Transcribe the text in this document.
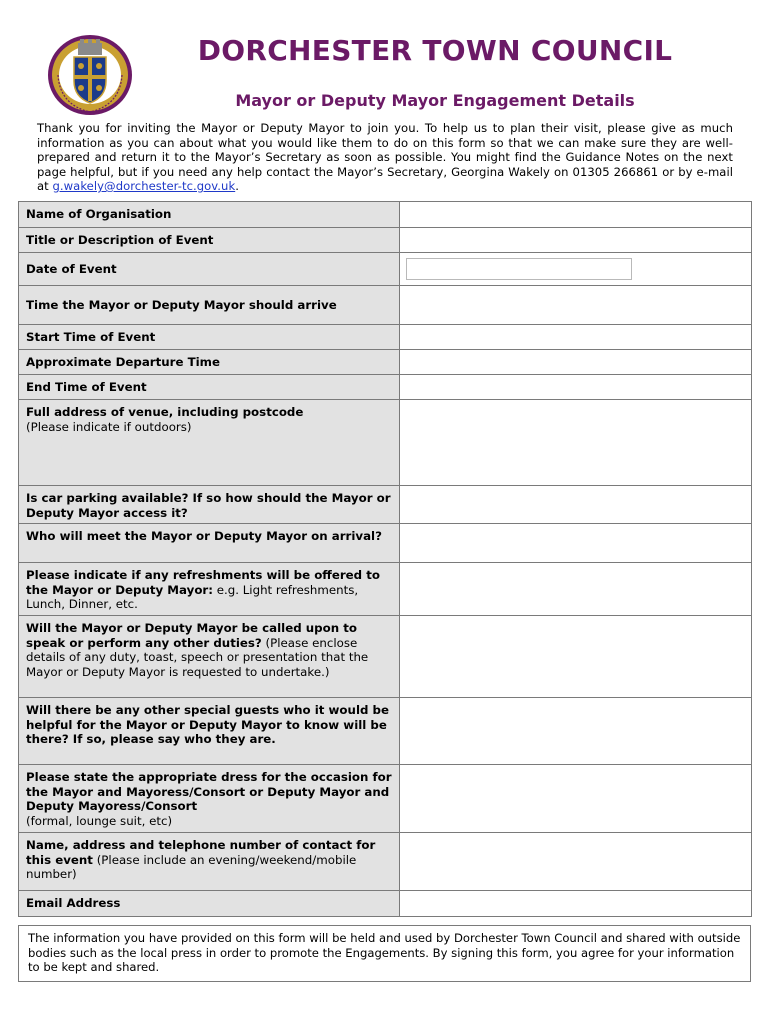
DORCHESTER TOWN COUNCIL
Mayor or Deputy Mayor Engagement Details
Thank you for inviting the Mayor or Deputy Mayor to join you. To help us to plan their visit, please give as much information as you can about what you would like them to do on this form so that we can make sure they are well-prepared and return it to the Mayor’s Secretary as soon as possible. You might find the Guidance Notes on the next page helpful, but if you need any help contact the Mayor’s Secretary, Georgina Wakely on 01305 266861 or by e-mail at g.wakely@dorchester-tc.gov.uk.
Name of Organisation	
Title or Description of Event	
Date of Event	

Time the Mayor or Deputy Mayor should arrive	
Start Time of Event	
Approximate Departure Time	
End Time of Event	
Full address of venue, including postcode
(Please indicate if outdoors)	
Is car parking available? If so how should the Mayor or Deputy Mayor access it?	
Who will meet the Mayor or Deputy Mayor on arrival?	
Please indicate if any refreshments will be offered to the Mayor or Deputy Mayor: e.g. Light refreshments, Lunch, Dinner, etc.	
Will the Mayor or Deputy Mayor be called upon to speak or perform any other duties? (Please enclose details of any duty, toast, speech or presentation that the Mayor or Deputy Mayor is requested to undertake.)	
Will there be any other special guests who it would be helpful for the Mayor or Deputy Mayor to know will be there? If so, please say who they are.	
Please state the appropriate dress for the occasion for the Mayor and Mayoress/Consort or Deputy Mayor and Deputy Mayoress/Consort
(formal, lounge suit, etc)	
Name, address and telephone number of contact for this event (Please include an evening/weekend/mobile number)	
Email Address	
The information you have provided on this form will be held and used by Dorchester Town Council and shared with outside bodies such as the local press in order to promote the Engagements. By signing this form, you agree for your information to be kept and shared.
